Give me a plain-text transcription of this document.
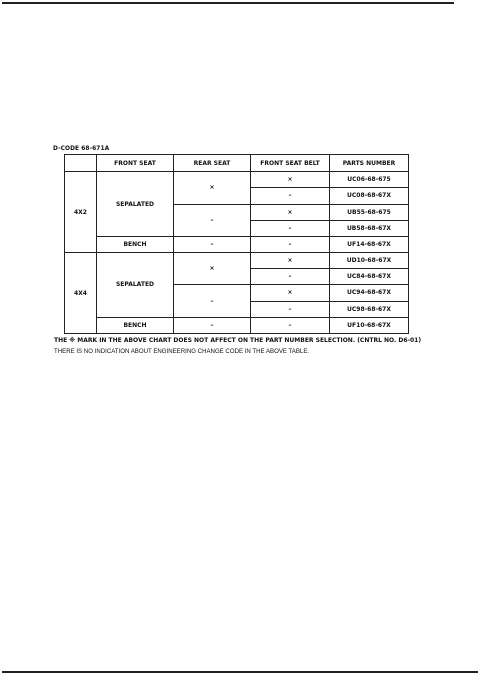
D-CODE 68-671A
	FRONT SEAT	REAR SEAT	FRONT SEAT BELT	PARTS NUMBER
4X2	SEPALATED	×	×	UC06-68-675
			–	UC08-68-67X
		–	×	UB55-68-675
			–	UB58-68-67X
	BENCH	–	–	UF14-68-67X
4X4	SEPALATED	×	×	UD10-68-67X
			–	UC84-68-67X
		–	×	UC94-68-67X
			–	UC98-68-67X
	BENCH	–	–	UF10-68-67X
THE ※ MARK IN THE ABOVE CHART DOES NOT AFFECT ON THE PART NUMBER SELECTION. (CNTRL NO. D6-01)
THERE IS NO INDICATION ABOUT ENGINEERING CHANGE CODE IN THE ABOVE TABLE.
